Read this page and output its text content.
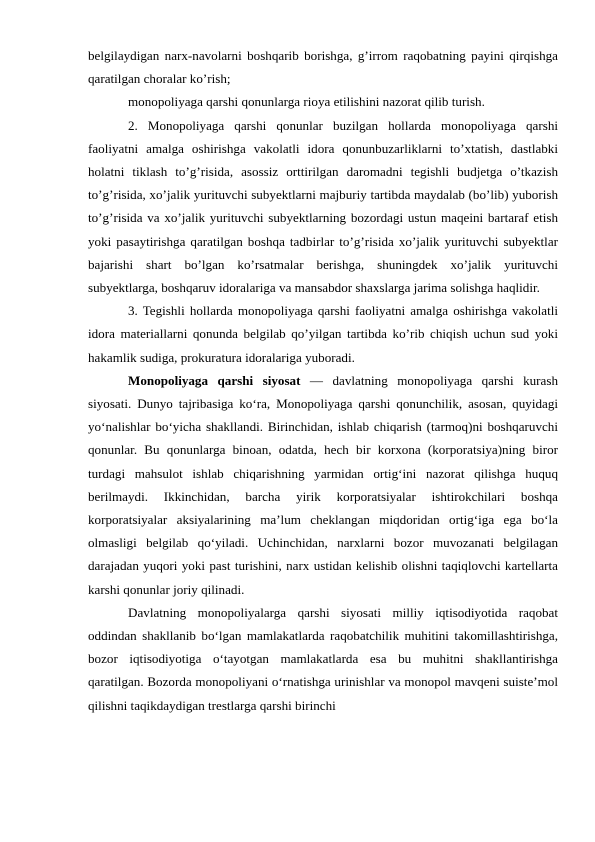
belgilaydigan narx-navolarni boshqarib borishga, g’irrom raqobatning payini qirqishga qaratilgan choralar ko’rish;

monopoliyaga qarshi qonunlarga rioya etilishini nazorat qilib turish.

2. Monopoliyaga qarshi qonunlar buzilgan hollarda monopoliyaga qarshi faoliyatni amalga oshirishga vakolatli idora qonunbuzarliklarni to’xtatish, dastlabki holatni tiklash to’g’risida, asossiz orttirilgan daromadni tegishli budjetga o’tkazish to’g’risida, xo’jalik yurituvchi subyektlarni majburiy tartibda maydalab (bo’lib) yuborish to’g’risida va xo’jalik yurituvchi subyektlarning bozordagi ustun maqeini bartaraf etish yoki pasaytirishga qaratilgan boshqa tadbirlar to’g’risida xo’jalik yurituvchi subyektlar bajarishi shart bo’lgan ko’rsatmalar berishga, shuningdek xo’jalik yurituvchi subyektlarga, boshqaruv idoralariga va mansabdor shaxslarga jarima solishga haqlidir.

3. Tegishli hollarda monopoliyaga qarshi faoliyatni amalga oshirishga vakolatli idora materiallarni qonunda belgilab qo’yilgan tartibda ko’rib chiqish uchun sud yoki hakamlik sudiga, prokuratura idoralariga yuboradi.

Monopoliyaga qarshi siyosat — davlatning monopoliyaga qarshi kurash siyosati. Dunyo tajribasiga koʻra, Monopoliyaga qarshi qonunchilik, asosan, quyidagi yoʻnalishlar boʻyicha shakllandi. Birinchidan, ishlab chiqarish (tarmoq)ni boshqaruvchi qonunlar. Bu qonunlarga binoan, odatda, hech bir korxona (korporatsiya)ning biror turdagi mahsulot ishlab chiqarishning yarmidan ortigʻini nazorat qilishga huquq berilmaydi. Ikkinchidan, barcha yirik korporatsiyalar ishtirokchilari boshqa korporatsiyalar aksiyalarining maʼlum cheklangan miqdoridan ortigʻiga ega boʻla olmasligi belgilab qoʻyiladi. Uchinchidan, narxlarni bozor muvozanati belgilagan darajadan yuqori yoki past turishini, narx ustidan kelishib olishni taqiqlovchi kartellarta karshi qonunlar joriy qilinadi.

Davlatning monopoliyalarga qarshi siyosati milliy iqtisodiyotida raqobat oddindan shakllanib boʻlgan mamlakatlarda raqobatchilik muhitini takomillashtirishga, bozor iqtisodiyotiga oʻtayotgan mamlakatlarda esa bu muhitni shakllantirishga qaratilgan. Bozorda monopoliyani oʻrnatishga urinishlar va monopol mavqeni suisteʼmol qilishni taqikdaydigan trestlarga qarshi birinchi
